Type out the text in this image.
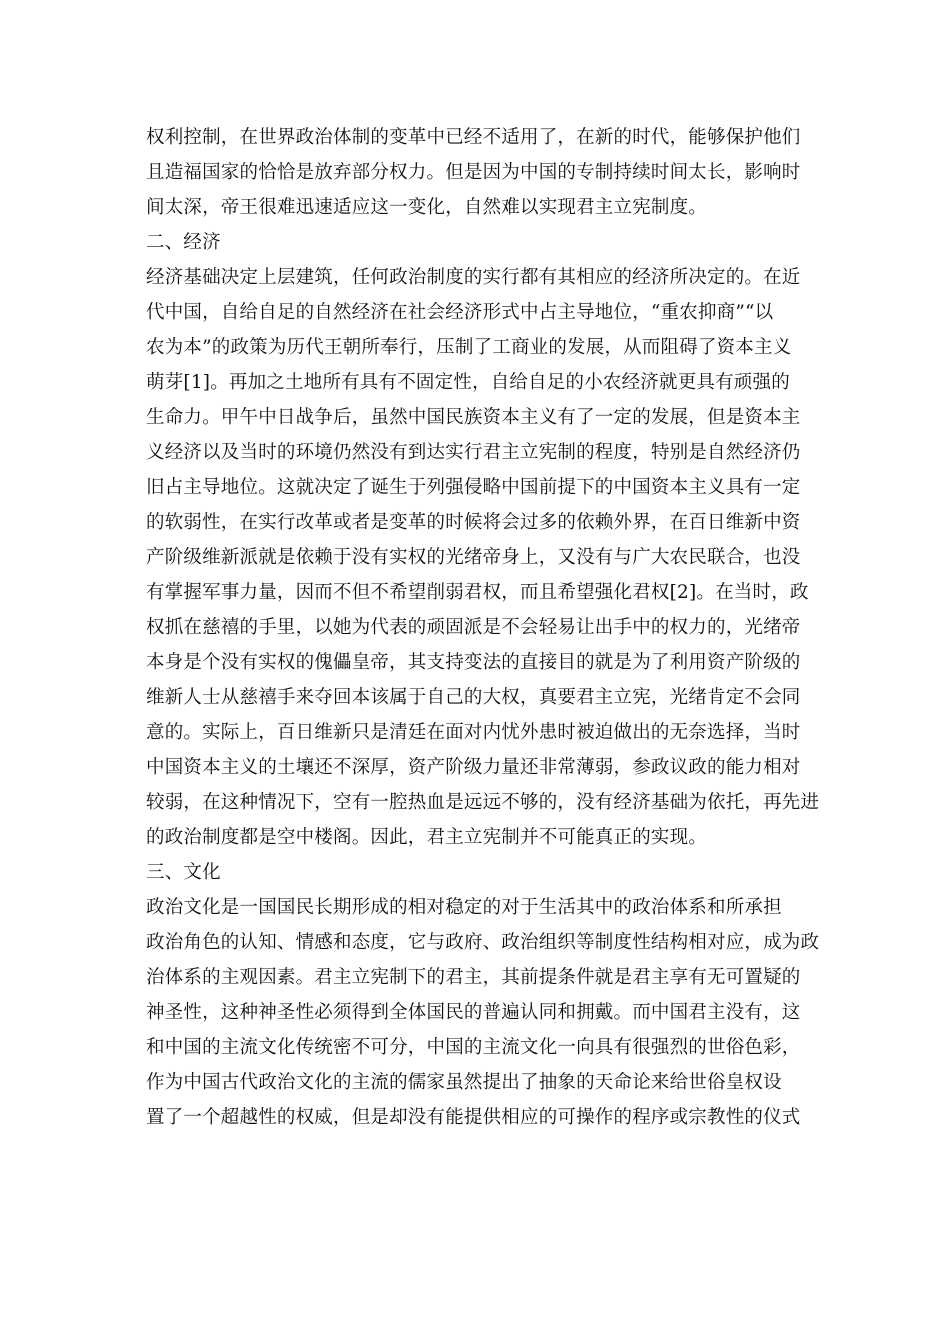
权利控制，在世界政治体制的变革中已经不适用了，在新的时代，能够保护他们
且造福国家的恰恰是放弃部分权力。但是因为中国的专制持续时间太长，影响时
间太深，帝王很难迅速适应这一变化，自然难以实现君主立宪制度。
二、经济
经济基础决定上层建筑，任何政治制度的实行都有其相应的经济所决定的。在近
代中国，自给自足的自然经济在社会经济形式中占主导地位，“重农抑商”“以
农为本”的政策为历代王朝所奉行，压制了工商业的发展，从而阻碍了资本主义
萌芽[1]。再加之土地所有具有不固定性，自给自足的小农经济就更具有顽强的
生命力。甲午中日战争后，虽然中国民族资本主义有了一定的发展，但是资本主
义经济以及当时的环境仍然没有到达实行君主立宪制的程度，特别是自然经济仍
旧占主导地位。这就决定了诞生于列强侵略中国前提下的中国资本主义具有一定
的软弱性，在实行改革或者是变革的时候将会过多的依赖外界，在百日维新中资
产阶级维新派就是依赖于没有实权的光绪帝身上，又没有与广大农民联合，也没
有掌握军事力量，因而不但不希望削弱君权，而且希望强化君权[2]。在当时，政
权抓在慈禧的手里，以她为代表的顽固派是不会轻易让出手中的权力的，光绪帝
本身是个没有实权的傀儡皇帝，其支持变法的直接目的就是为了利用资产阶级的
维新人士从慈禧手来夺回本该属于自己的大权，真要君主立宪，光绪肯定不会同
意的。实际上，百日维新只是清廷在面对内忧外患时被迫做出的无奈选择，当时
中国资本主义的土壤还不深厚，资产阶级力量还非常薄弱，参政议政的能力相对
较弱，在这种情况下，空有一腔热血是远远不够的，没有经济基础为依托，再先进
的政治制度都是空中楼阁。因此，君主立宪制并不可能真正的实现。
三、文化
政治文化是一国国民长期形成的相对稳定的对于生活其中的政治体系和所承担
政治角色的认知、情感和态度，它与政府、政治组织等制度性结构相对应，成为政
治体系的主观因素。君主立宪制下的君主，其前提条件就是君主享有无可置疑的
神圣性，这种神圣性必须得到全体国民的普遍认同和拥戴。而中国君主没有，这
和中国的主流文化传统密不可分，中国的主流文化一向具有很强烈的世俗色彩，
作为中国古代政治文化的主流的儒家虽然提出了抽象的天命论来给世俗皇权设
置了一个超越性的权威，但是却没有能提供相应的可操作的程序或宗教性的仪式
